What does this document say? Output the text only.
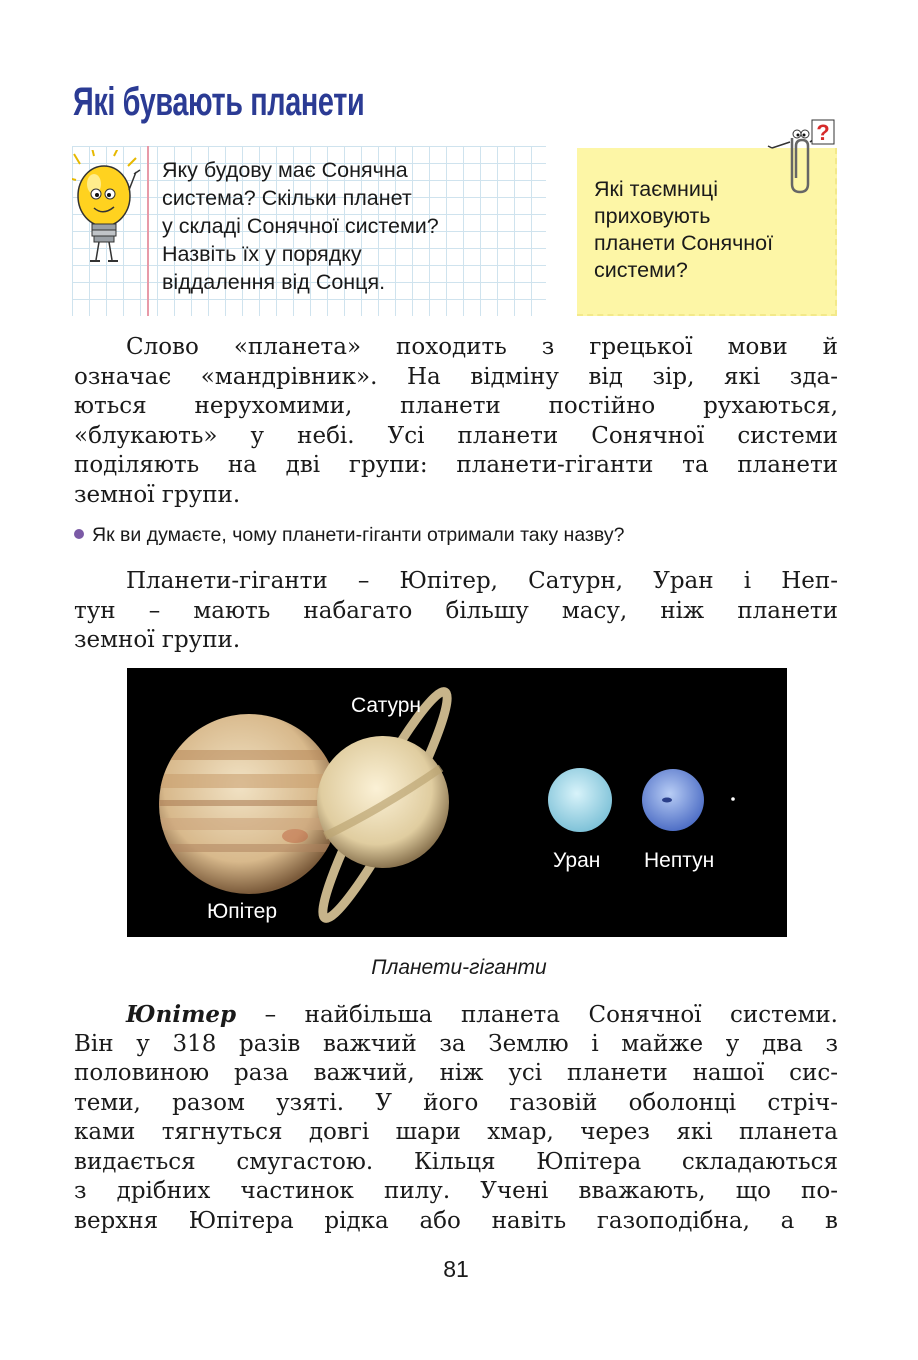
Які бувають планети
Яку будову має Сонячна
система? Скільки планет
у складі Сонячної системи?
Назвіть їх у порядку
віддалення від Сонця.
Які таємниці
приховують
планети Сонячної
системи?
?
Слово «планета» походить з грецької мови й
означає «мандрівник». На відміну від зір, які зда-
ються нерухомими, планети постійно рухаються,
«блукають» у небі. Усі планети Сонячної системи
поділяють на дві групи: планети-гіганти та планети
земної групи.
Як ви думаєте, чому планети-гіганти отримали таку назву?
Планети-гіганти – Юпітер, Сатурн, Уран і Неп-
тун – мають набагато більшу масу, ніж планети
земної групи.
Сатурн
Юпітер
Уран Нептун
Планети-гіганти
Юпітер – найбільша планета Сонячної системи.
Він у 318 разів важчий за Землю і майже у два з
половиною раза важчий, ніж усі планети нашої сис-
теми, разом узяті. У його газовій оболонці стріч-
ками тягнуться довгі шари хмар, через які планета
видається смугастою. Кільця Юпітера складаються
з дрібних частинок пилу. Учені вважають, що по-
верхня Юпітера рідка або навіть газоподібна, а в
81
